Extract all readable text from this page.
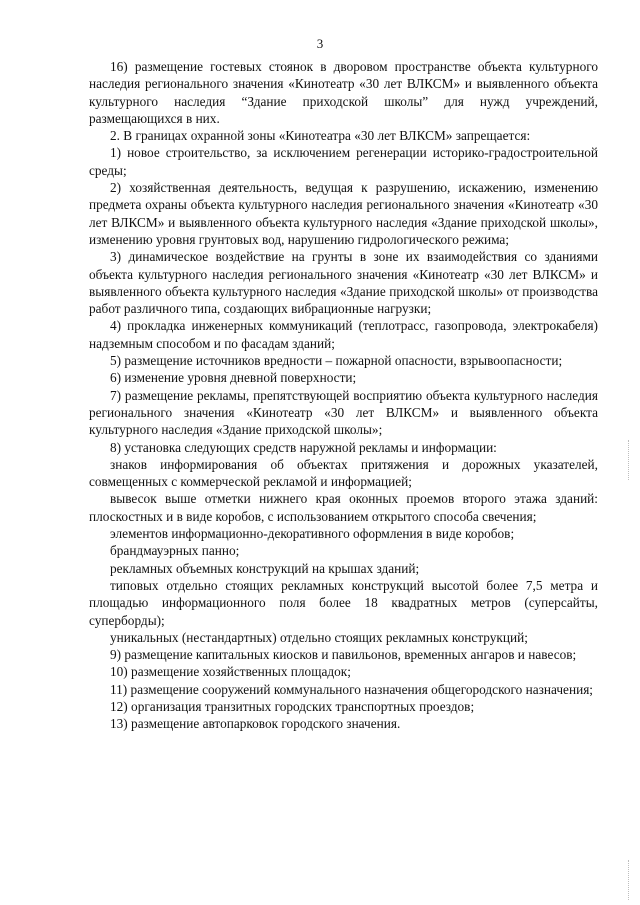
3

16) размещение гостевых стоянок в дворовом пространстве объекта культурного наследия регионального значения «Кинотеатр «30 лет ВЛКСМ» и выявленного объекта культурного наследия “Здание приходской школы” для нужд учреждений, размещающихся в них.

2. В границах охранной зоны «Кинотеатра «30 лет ВЛКСМ» запрещается:

1) новое строительство, за исключением регенерации историко-градостроительной среды;

2) хозяйственная деятельность, ведущая к разрушению, искажению, изменению предмета охраны объекта культурного наследия регионального значения «Кинотеатр «30 лет ВЛКСМ» и выявленного объекта культурного наследия «Здание приходской школы», изменению уровня грунтовых вод, нарушению гидрологического режима;

3) динамическое воздействие на грунты в зоне их взаимодействия со зданиями объекта культурного наследия регионального значения «Кинотеатр «30 лет ВЛКСМ» и выявленного объекта культурного наследия «Здание приходской школы» от производства работ различного типа, создающих вибрационные нагрузки;

4) прокладка инженерных коммуникаций (теплотрасс, газопровода, электрокабеля) надземным способом и по фасадам зданий;

5) размещение источников вредности – пожарной опасности, взрывоопасности;

6) изменение уровня дневной поверхности;

7) размещение рекламы, препятствующей восприятию объекта культурного наследия регионального значения «Кинотеатр «30 лет ВЛКСМ» и выявленного объекта культурного наследия «Здание приходской школы»;

8) установка следующих средств наружной рекламы и информации:

знаков информирования об объектах притяжения и дорожных указателей, совмещенных с коммерческой рекламой и информацией;

вывесок выше отметки нижнего края оконных проемов второго этажа зданий: плоскостных и в виде коробов, с использованием открытого способа свечения;

элементов информационно-декоративного оформления в виде коробов;

брандмауэрных панно;

рекламных объемных конструкций на крышах зданий;

типовых отдельно стоящих рекламных конструкций высотой более 7,5 метра и площадью информационного поля более 18 квадратных метров (суперсайты, суперборды);

уникальных (нестандартных) отдельно стоящих рекламных конструкций;

9) размещение капитальных киосков и павильонов, временных ангаров и навесов;

10) размещение хозяйственных площадок;

11) размещение сооружений коммунального назначения общегородского назначения;

12) организация транзитных городских транспортных проездов;

13) размещение автопарковок городского значения.
